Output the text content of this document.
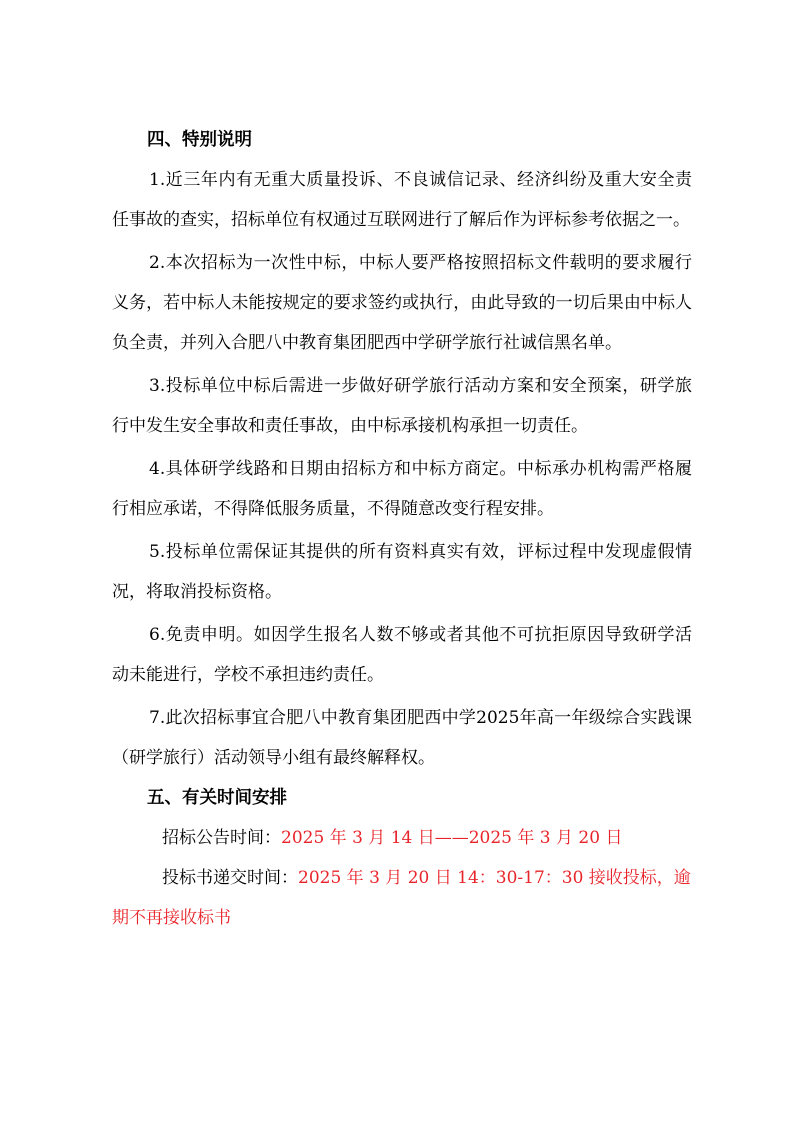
四、特别说明

1.近三年内有无重大质量投诉、不良诚信记录、经济纠纷及重大安全责任事故的查实，招标单位有权通过互联网进行了解后作为评标参考依据之一。

2.本次招标为一次性中标，中标人要严格按照招标文件载明的要求履行义务，若中标人未能按规定的要求签约或执行，由此导致的一切后果由中标人负全责，并列入合肥八中教育集团肥西中学研学旅行社诚信黑名单。

3.投标单位中标后需进一步做好研学旅行活动方案和安全预案，研学旅行中发生安全事故和责任事故，由中标承接机构承担一切责任。

4.具体研学线路和日期由招标方和中标方商定。中标承办机构需严格履行相应承诺，不得降低服务质量，不得随意改变行程安排。

5.投标单位需保证其提供的所有资料真实有效，评标过程中发现虚假情况，将取消投标资格。

6.免责申明。如因学生报名人数不够或者其他不可抗拒原因导致研学活动未能进行，学校不承担违约责任。

7.此次招标事宜合肥八中教育集团肥西中学2025年高一年级综合实践课（研学旅行）活动领导小组有最终解释权。

五、有关时间安排

招标公告时间：2025 年 3 月 14 日——2025 年 3 月 20 日

投标书递交时间：2025 年 3 月 20 日 14：30-17：30 接收投标，逾期不再接收标书
